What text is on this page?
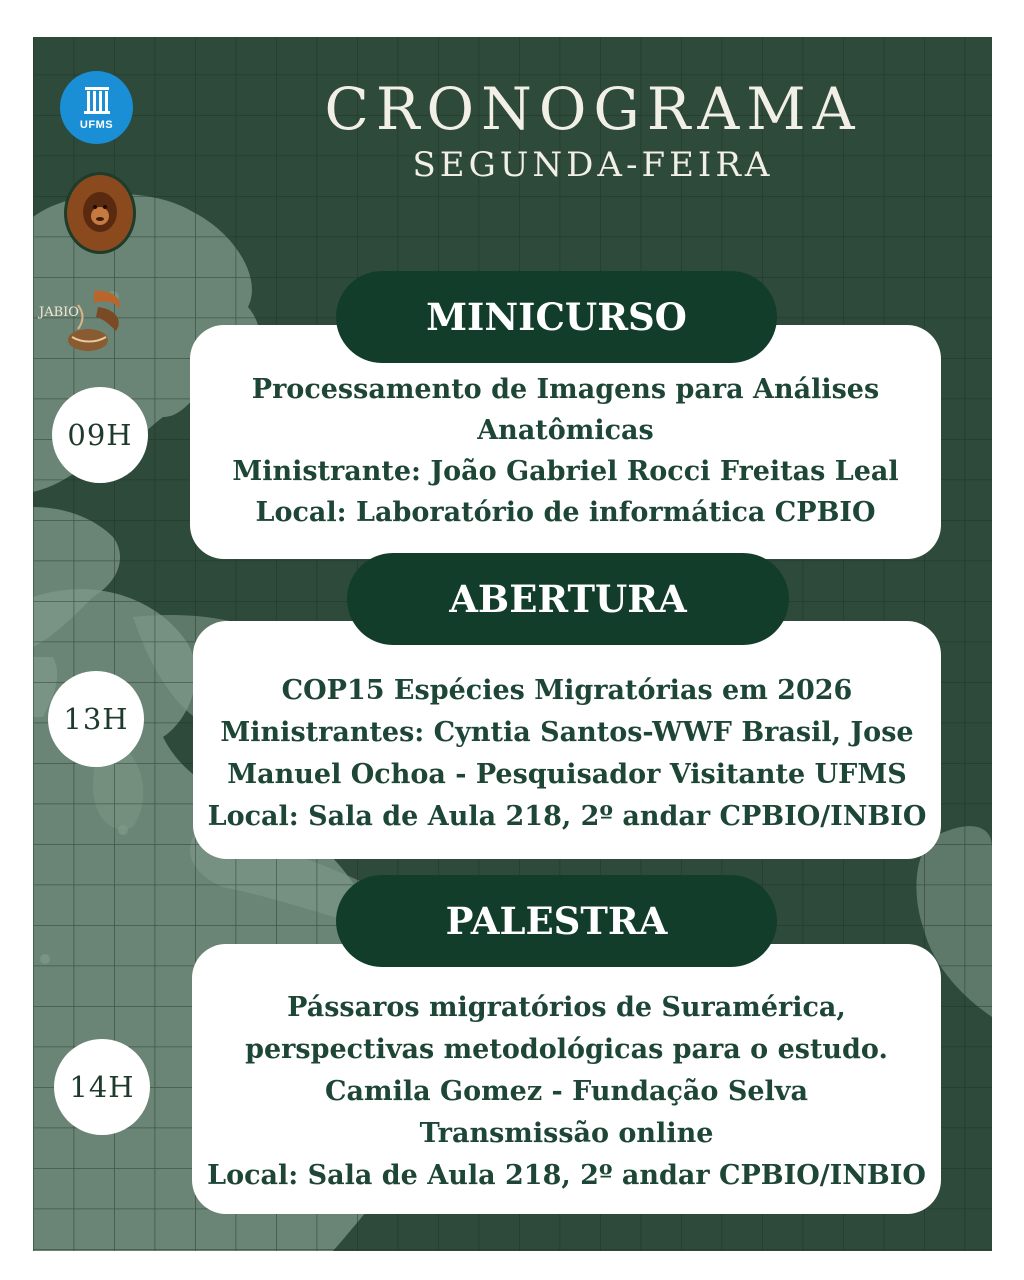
UFMS
JABIO
CRONOGRAMA
SEGUNDA-FEIRA
Processamento de Imagens para Análises
Anatômicas
Ministrante: João Gabriel Rocci Freitas Leal
Local: Laboratório de informática CPBIO
MINICURSO
09H
COP15 Espécies Migratórias em 2026
Ministrantes: Cyntia Santos-WWF Brasil, Jose
Manuel Ochoa - Pesquisador Visitante UFMS
Local: Sala de Aula 218, 2º andar CPBIO/INBIO
ABERTURA
13H
Pássaros migratórios de Suramérica,
perspectivas metodológicas para o estudo.
Camila Gomez - Fundação Selva
Transmissão online
Local: Sala de Aula 218, 2º andar CPBIO/INBIO
PALESTRA
14H
